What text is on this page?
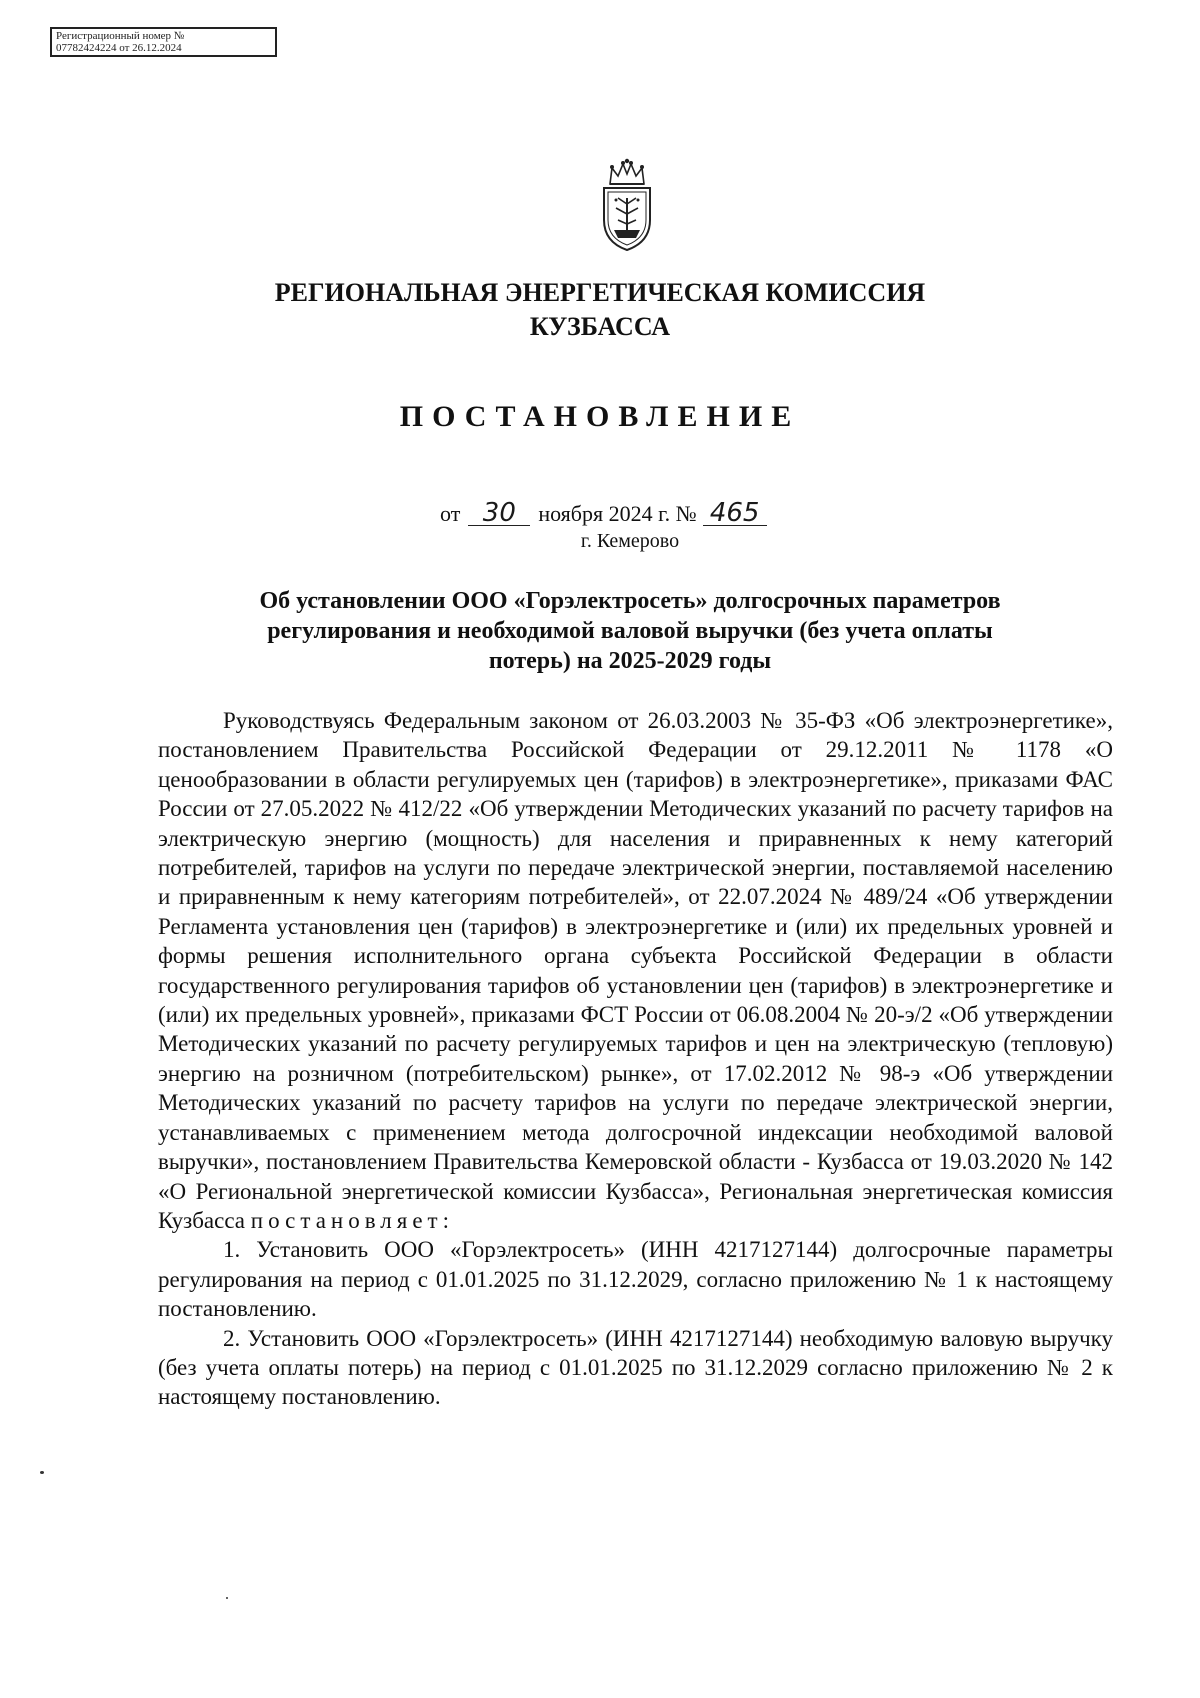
Регистрационный номер №
07782424224 от 26.12.2024
РЕГИОНАЛЬНАЯ ЭНЕРГЕТИЧЕСКАЯ КОМИССИЯ
КУЗБАССА
ПОСТАНОВЛЕНИЕ
от 30 ноября 2024 г. № 465
г. Кемерово
Об установлении ООО «Горэлектросеть» долгосрочных параметров
регулирования и необходимой валовой выручки (без учета оплаты
потерь) на 2025-2029 годы

Руководствуясь Федеральным законом от 26.03.2003 № 35-ФЗ «Об электроэнергетике», постановлением Правительства Российской Федерации от 29.12.2011 № 1178 «О ценообразовании в области регулируемых цен (тарифов) в электроэнергетике», приказами ФАС России от 27.05.2022 № 412/22 «Об утверждении Методических указаний по расчету тарифов на электрическую энергию (мощность) для населения и приравненных к нему категорий потребителей, тарифов на услуги по передаче электрической энергии, поставляемой населению и приравненным к нему категориям потребителей», от 22.07.2024 № 489/24 «Об утверждении Регламента установления цен (тарифов) в электроэнергетике и (или) их предельных уровней и формы решения исполнительного органа субъекта Российской Федерации в области государственного регулирования тарифов об установлении цен (тарифов) в электроэнергетике и (или) их предельных уровней», приказами ФСТ России от 06.08.2004 № 20-э/2 «Об утверждении Методических указаний по расчету регулируемых тарифов и цен на электрическую (тепловую) энергию на розничном (потребительском) рынке», от 17.02.2012 № 98-э «Об утверждении Методических указаний по расчету тарифов на услуги по передаче электрической энергии, устанавливаемых с применением метода долгосрочной индексации необходимой валовой выручки», постановлением Правительства Кемеровской области - Кузбасса от 19.03.2020 № 142 «О Региональной энергетической комиссии Кузбасса», Региональная энергетическая комиссия Кузбасса постановляет:

1. Установить ООО «Горэлектросеть» (ИНН 4217127144) долгосрочные параметры регулирования на период с 01.01.2025 по 31.12.2029, согласно приложению № 1 к настоящему постановлению.

2. Установить ООО «Горэлектросеть» (ИНН 4217127144) необходимую валовую выручку (без учета оплаты потерь) на период с 01.01.2025 по 31.12.2029 согласно приложению № 2 к настоящему постановлению.
